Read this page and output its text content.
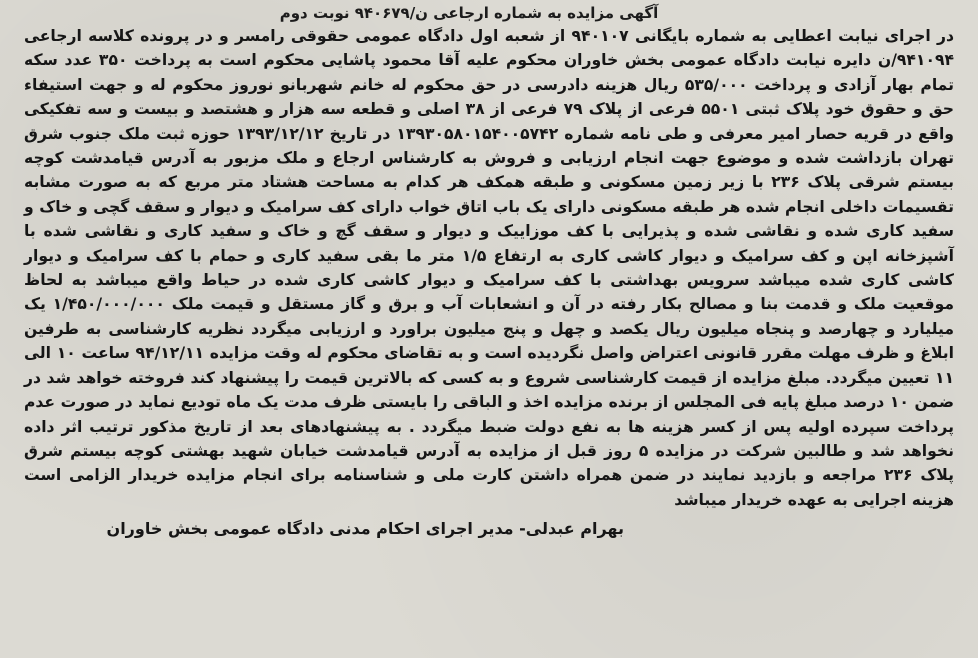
آگهی مزایده به شماره ارجاعی ن/۹۴۰۶۷۹ نوبت دوم

در اجرای نیابت اعطایی به شماره بایگانی ۹۴۰۱۰۷ از شعبه اول دادگاه عمومی حقوقی رامسر و در پرونده کلاسه ارجاعی ۹۴۱۰۹۴/ن دایره نیابت دادگاه عمومی بخش خاوران محکوم علیه آقا محمود پاشایی محکوم است به پرداخت ۳۵۰ عدد سکه تمام بهار آزادی و پرداخت ۵۳۵/۰۰۰ ریال هزینه دادرسی در حق محکوم له خانم شهربانو نوروز محکوم له و جهت استیفاء حق و حقوق خود پلاک ثبتی ۵۵۰۱ فرعی از پلاک ۷۹ فرعی از ۳۸ اصلی و قطعه سه هزار و هشتصد و بیست و سه تفکیکی واقع در قریه حصار امیر معرفی و طی نامه شماره ۱۳۹۳۰۵۸۰۱۵۴۰۰۵۷۴۲ در تاریخ ۱۳۹۳/۱۲/۱۲ حوزه ثبت ملک جنوب شرق تهران بازداشت شده و موضوع جهت انجام ارزیابی و فروش به کارشناس ارجاع و ملک مزبور به آدرس قیامدشت کوچه بیستم شرقی پلاک ۲۳۶ با زیر زمین مسکونی و طبقه همکف هر کدام به مساحت هشتاد متر مربع که به صورت مشابه تقسیمات داخلی انجام شده هر طبقه مسکونی دارای یک باب اتاق خواب دارای کف سرامیک و دیوار و سقف گچی و خاک و سفید کاری شده و نقاشی شده و پذیرایی با کف موزاییک و دیوار و سقف گچ و خاک و سفید کاری و نقاشی شده با آشپزخانه اپن و کف سرامیک و دیوار کاشی کاری به ارتفاع ۱/۵ متر ما بقی سفید کاری و حمام با کف سرامیک و دیوار کاشی کاری شده میباشد سرویس بهداشتی با کف سرامیک و دیوار کاشی کاری شده در حیاط واقع میباشد به لحاظ موقعیت ملک و قدمت بنا و مصالح بکار رفته در آن و انشعابات آب و برق و گاز مستقل و قیمت ملک ۱/۴۵۰/۰۰۰/۰۰۰ یک میلیارد و چهارصد و پنجاه میلیون ریال یکصد و چهل و پنج میلیون براورد و ارزیابی میگردد نظریه کارشناسی به طرفین ابلاغ و ظرف مهلت مقرر قانونی اعتراض واصل نگردیده است و به تقاضای محکوم له وقت مزایده ۹۴/۱۲/۱۱ ساعت ۱۰ الی ۱۱ تعیین میگردد. مبلغ مزایده از قیمت کارشناسی شروع و به کسی که بالاترین قیمت را پیشنهاد کند فروخته خواهد شد در ضمن ۱۰ درصد مبلغ پایه فی المجلس از برنده مزایده اخذ و الباقی را بایستی ظرف مدت یک ماه تودیع نماید در صورت عدم پرداخت سپرده اولیه پس از کسر هزینه ها به نفع دولت ضبط میگردد . به پیشنهادهای بعد از تاریخ مذکور ترتیب اثر داده نخواهد شد و طالبین شرکت در مزایده ۵ روز قبل از مزایده به آدرس قیامدشت خیابان شهید بهشتی کوچه بیستم شرق پلاک ۲۳۶ مراجعه و بازدید نمایند در ضمن همراه داشتن کارت ملی و شناسنامه برای انجام مزایده خریدار الزامی است هزینه اجرایی به عهده خریدار میباشد

بهرام عبدلی- مدیر اجرای احکام مدنی دادگاه عمومی بخش خاوران
